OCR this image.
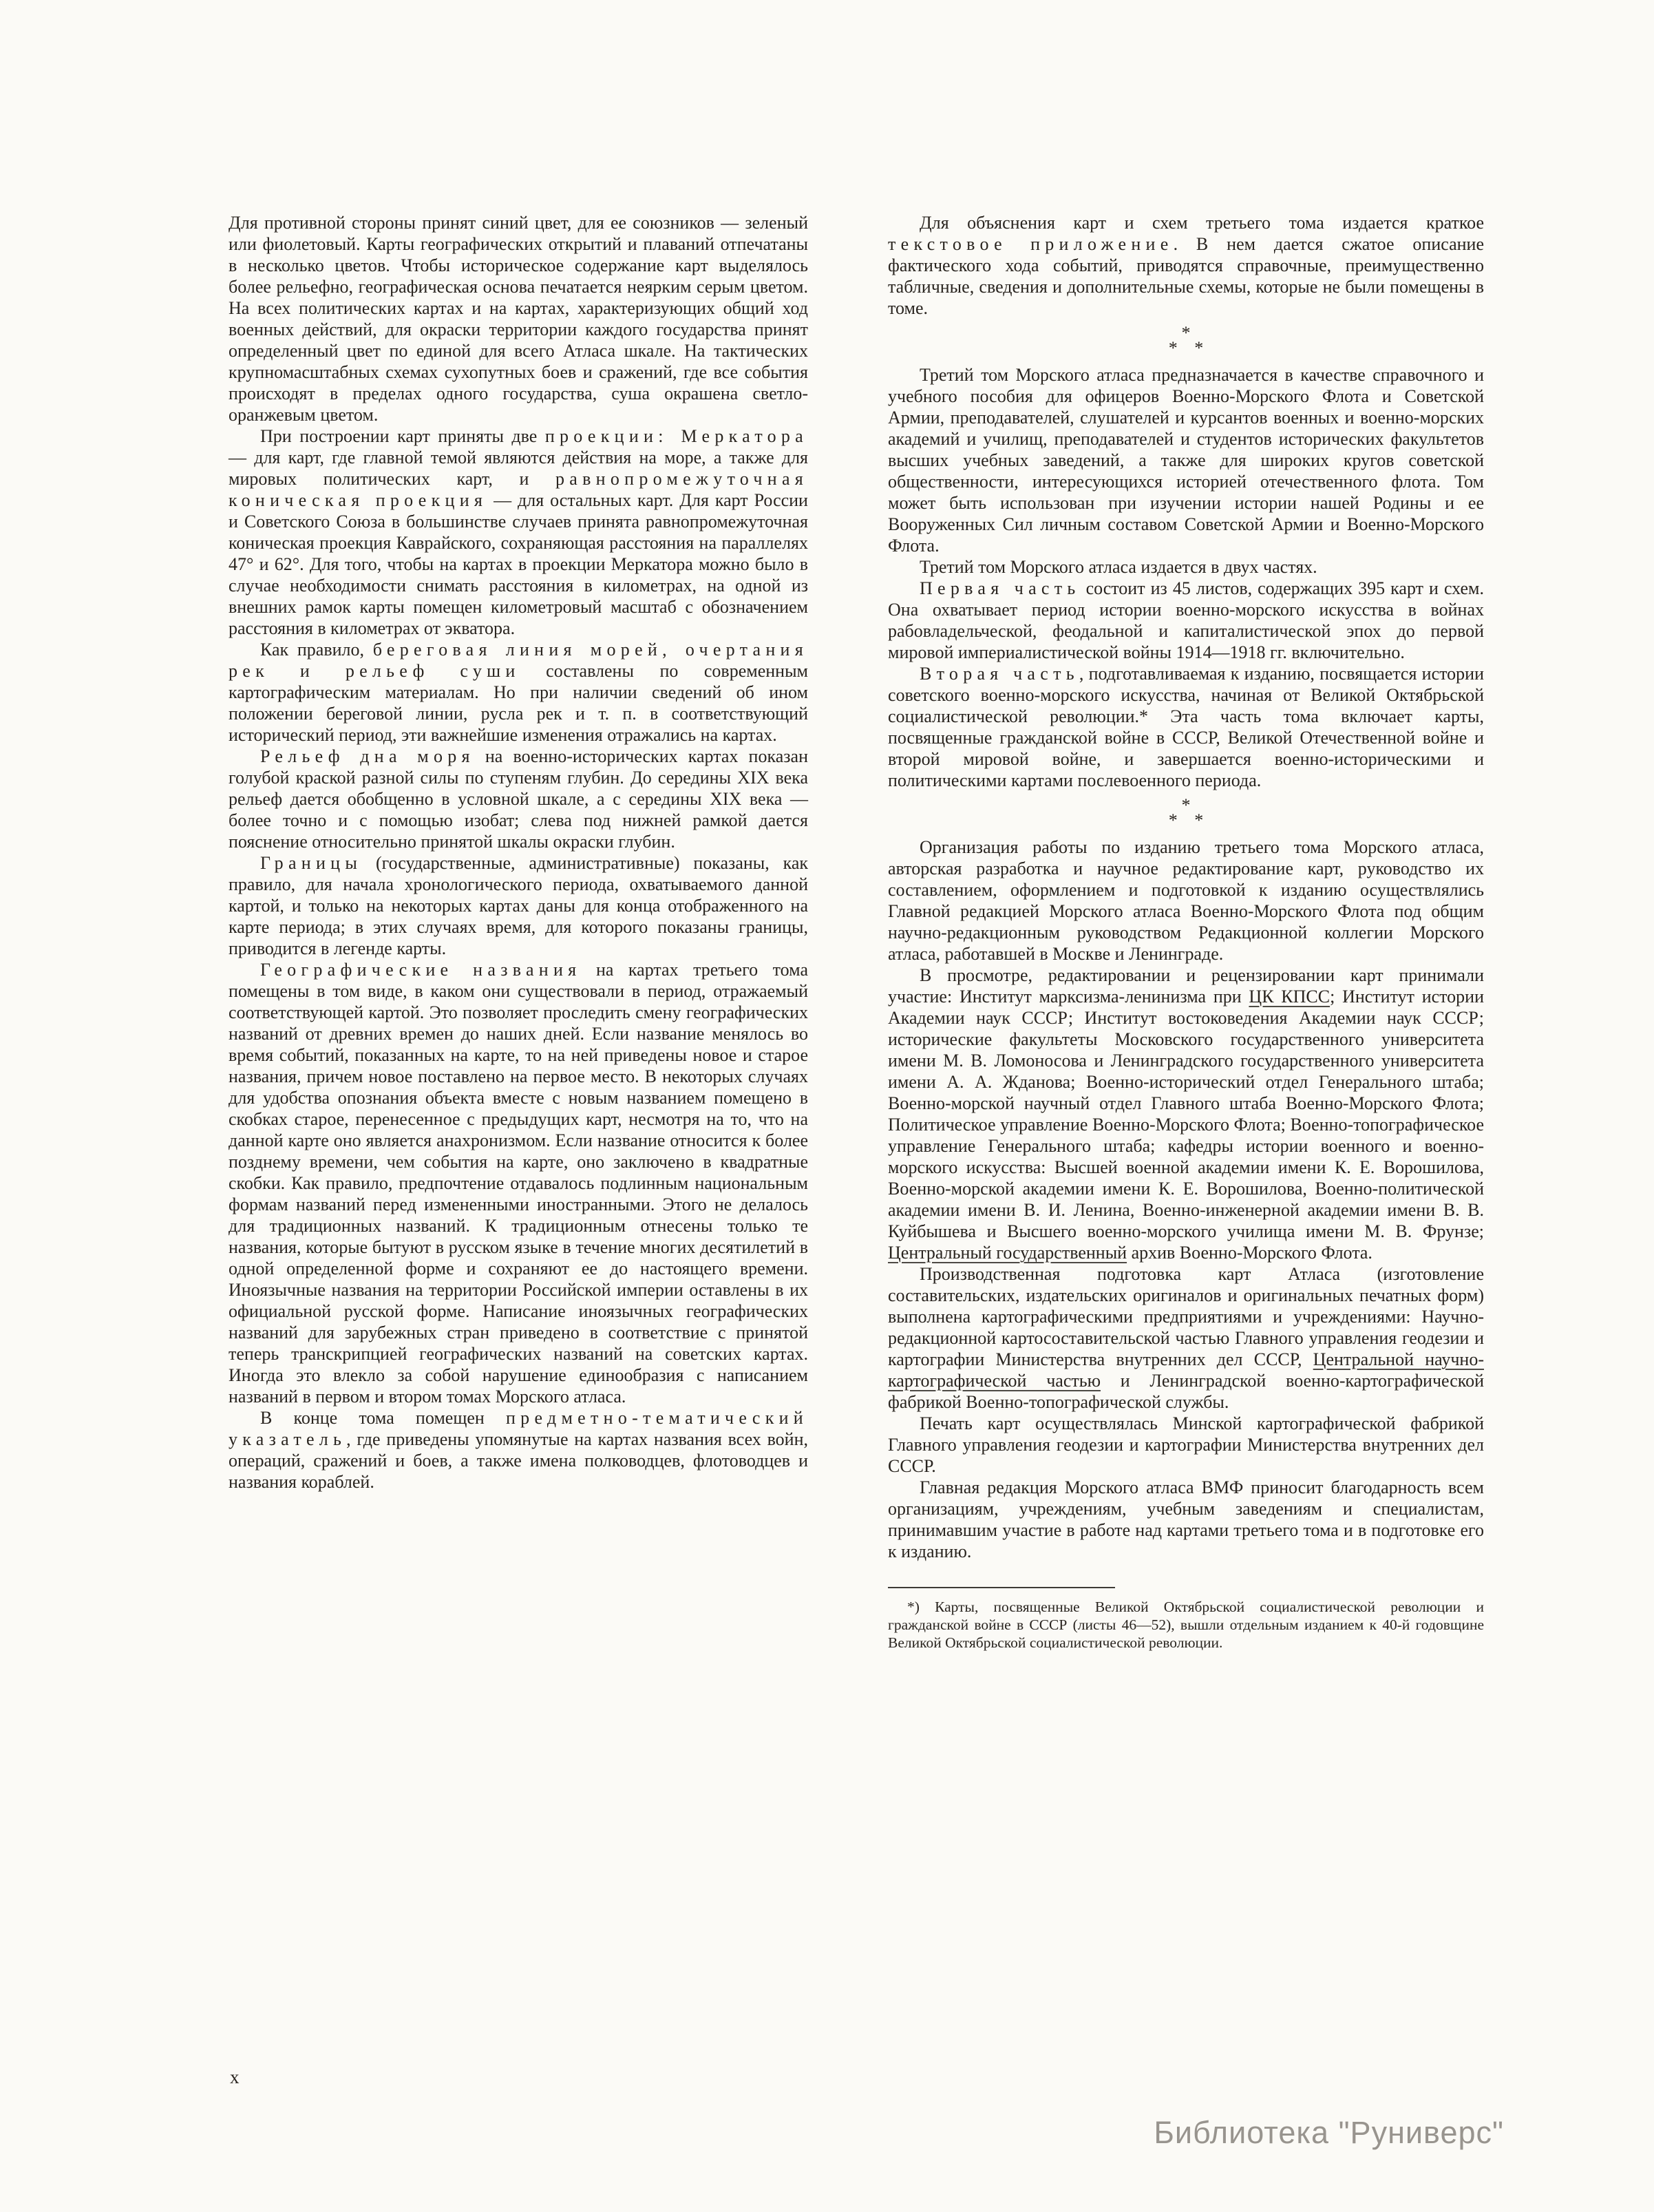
Для противной стороны принят синий цвет, для ее союзников — зеленый или фиолетовый. Карты географических открытий и плаваний отпечатаны в несколько цветов. Чтобы историческое содержание карт выделялось более рельефно, географическая основа печатается неярким серым цветом. На всех политических картах и на картах, характеризующих общий ход военных действий, для окраски территории каждого государства принят определенный цвет по единой для всего Атласа шкале. На тактических крупномасштабных схемах сухопутных боев и сражений, где все события происходят в пределах одного государства, суша окрашена светло-оранжевым цветом.

При построении карт приняты две проекции: Меркатора — для карт, где главной темой являются действия на море, а также для мировых политических карт, и равнопромежуточная коническая проекция — для остальных карт. Для карт России и Советского Союза в большинстве случаев принята равнопромежуточная коническая проекция Каврайского, сохраняющая расстояния на параллелях 47° и 62°. Для того, чтобы на картах в проекции Меркатора можно было в случае необходимости снимать расстояния в километрах, на одной из внешних рамок карты помещен километровый масштаб с обозначением расстояния в километрах от экватора.

Как правило, береговая линия морей, очертания рек и рельеф суши составлены по современным картографическим материалам. Но при наличии сведений об ином положении береговой линии, русла рек и т. п. в соответствующий исторический период, эти важнейшие изменения отражались на картах.

Рельеф дна моря на военно-исторических картах показан голубой краской разной силы по ступеням глубин. До середины XIX века рельеф дается обобщенно в условной шкале, а с середины XIX века — более точно и с помощью изобат; слева под нижней рамкой дается пояснение относительно принятой шкалы окраски глубин.

Границы (государственные, административные) показаны, как правило, для начала хронологического периода, охватываемого данной картой, и только на некоторых картах даны для конца отображенного на карте периода; в этих случаях время, для которого показаны границы, приводится в легенде карты.

Географические названия на картах третьего тома помещены в том виде, в каком они существовали в период, отражаемый соответствующей картой. Это позволяет проследить смену географических названий от древних времен до наших дней. Если название менялось во время событий, показанных на карте, то на ней приведены новое и старое названия, причем новое поставлено на первое место. В некоторых случаях для удобства опознания объекта вместе с новым названием помещено в скобках старое, перенесенное с предыдущих карт, несмотря на то, что на данной карте оно является анахронизмом. Если название относится к более позднему времени, чем события на карте, оно заключено в квадратные скобки. Как правило, предпочтение отдавалось подлинным национальным формам названий перед измененными иностранными. Этого не делалось для традиционных названий. К традиционным отнесены только те названия, которые бытуют в русском языке в течение многих десятилетий в одной определенной форме и сохраняют ее до настоящего времени. Иноязычные названия на территории Российской империи оставлены в их официальной русской форме. Написание иноязычных географических названий для зарубежных стран приведено в соответствие с принятой теперь транскрипцией географических названий на советских картах. Иногда это влекло за собой нарушение единообразия с написанием названий в первом и втором томах Морского атласа.

В конце тома помещен предметно-тематический указатель, где приведены упомянутые на картах названия всех войн, операций, сражений и боев, а также имена полководцев, флотоводцев и названия кораблей.

Для объяснения карт и схем третьего тома издается краткое текстовое приложение. В нем дается сжатое описание фактического хода событий, приводятся справочные, преимущественно табличные, сведения и дополнительные схемы, которые не были помещены в томе.

*
* *

Третий том Морского атласа предназначается в качестве справочного и учебного пособия для офицеров Военно-Морского Флота и Советской Армии, преподавателей, слушателей и курсантов военных и военно-морских академий и училищ, преподавателей и студентов исторических факультетов высших учебных заведений, а также для широких кругов советской общественности, интересующихся историей отечественного флота. Том может быть использован при изучении истории нашей Родины и ее Вооруженных Сил личным составом Советской Армии и Военно-Морского Флота.

Третий том Морского атласа издается в двух частях.

Первая часть состоит из 45 листов, содержащих 395 карт и схем. Она охватывает период истории военно-морского искусства в войнах рабовладельческой, феодальной и капиталистической эпох до первой мировой империалистической войны 1914—1918 гг. включительно.

Вторая часть, подготавливаемая к изданию, посвящается истории советского военно-морского искусства, начиная от Великой Октябрьской социалистической революции.* Эта часть тома включает карты, посвященные гражданской войне в СССР, Великой Отечественной войне и второй мировой войне, и завершается военно-историческими и политическими картами послевоенного периода.

*
* *

Организация работы по изданию третьего тома Морского атласа, авторская разработка и научное редактирование карт, руководство их составлением, оформлением и подготовкой к изданию осуществлялись Главной редакцией Морского атласа Военно-Морского Флота под общим научно-редакционным руководством Редакционной коллегии Морского атласа, работавшей в Москве и Ленинграде.

В просмотре, редактировании и рецензировании карт принимали участие: Институт марксизма-ленинизма при ЦК КПСС; Институт истории Академии наук СССР; Институт востоковедения Академии наук СССР; исторические факультеты Московского государственного университета имени М. В. Ломоносова и Ленинградского государственного университета имени А. А. Жданова; Военно-исторический отдел Генерального штаба; Военно-морской научный отдел Главного штаба Военно-Морского Флота; Политическое управление Военно-Морского Флота; Военно-топографическое управление Генерального штаба; кафедры истории военного и военно-морского искусства: Высшей военной академии имени К. Е. Ворошилова, Военно-морской академии имени К. Е. Ворошилова, Военно-политической академии имени В. И. Ленина, Военно-инженерной академии имени В. В. Куйбышева и Высшего военно-морского училища имени М. В. Фрунзе; Центральный государственный архив Военно-Морского Флота.

Производственная подготовка карт Атласа (изготовление составительских, издательских оригиналов и оригинальных печатных форм) выполнена картографическими предприятиями и учреждениями: Научно-редакционной картосоставительской частью Главного управления геодезии и картографии Министерства внутренних дел СССР, Центральной научно-картографической частью и Ленинградской военно-картографической фабрикой Военно-топографической службы.

Печать карт осуществлялась Минской картографической фабрикой Главного управления геодезии и картографии Министерства внутренних дел СССР.

Главная редакция Морского атласа ВМФ приносит благодарность всем организациям, учреждениям, учебным заведениям и специалистам, принимавшим участие в работе над картами третьего тома и в подготовке его к изданию.

*) Карты, посвященные Великой Октябрьской социалистической революции и гражданской войне в СССР (листы 46—52), вышли отдельным изданием к 40-й годовщине Великой Октябрьской социалистической революции.
x
Библиотека "Руниверс"
